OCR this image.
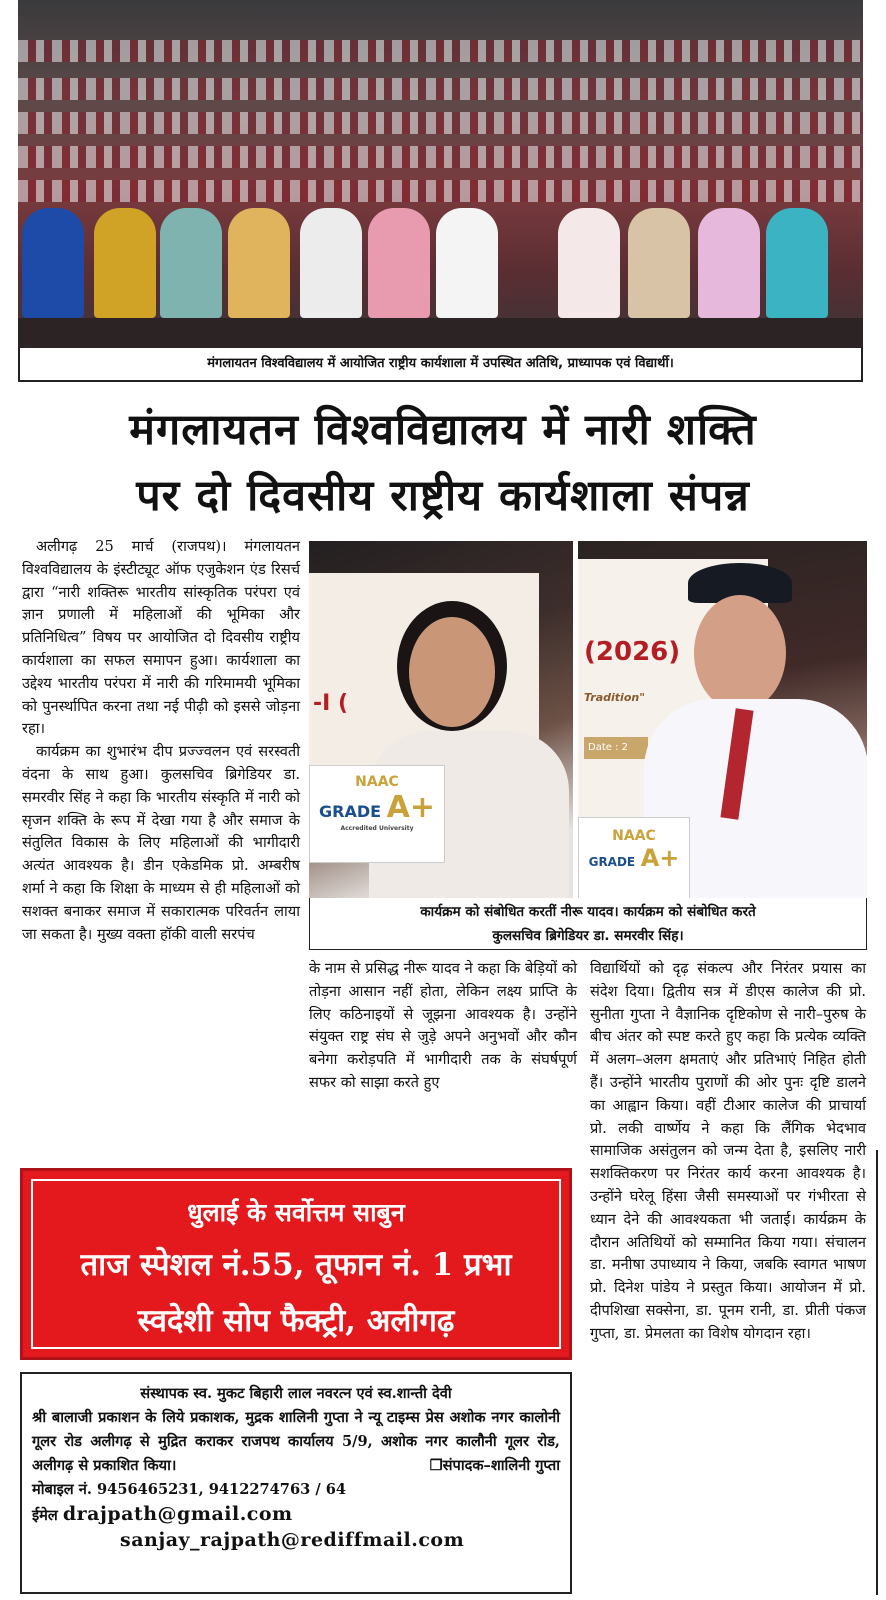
मंगलायतन विश्वविद्यालय में आयोजित राष्ट्रीय कार्यशाला में उपस्थित अतिथि, प्राध्यापक एवं विद्यार्थी।
मंगलायतन विश्वविद्यालय में नारी शक्ति
पर दो दिवसीय राष्ट्रीय कार्यशाला संपन्न

अलीगढ़ 25 मार्च (राजपथ)। मंगलायतन विश्वविद्यालय के इंस्टीट्यूट ऑफ एजुकेशन एंड रिसर्च द्वारा “नारी शक्तिरू भारतीय सांस्कृतिक परंपरा एवं ज्ञान प्रणाली में महिलाओं की भूमिका और प्रतिनिधित्व” विषय पर आयोजित दो दिवसीय राष्ट्रीय कार्यशाला का सफल समापन हुआ। कार्यशाला का उद्देश्य भारतीय परंपरा में नारी की गरिमामयी भूमिका को पुनर्स्थापित करना तथा नई पीढ़ी को इससे जोड़ना रहा।

कार्यक्रम का शुभारंभ दीप प्रज्ज्वलन एवं सरस्वती वंदना के साथ हुआ। कुलसचिव ब्रिगेडियर डा. समरवीर सिंह ने कहा कि भारतीय संस्कृति में नारी को सृजन शक्ति के रूप में देखा गया है और समाज के संतुलित विकास के लिए महिलाओं की भागीदारी अत्यंत आवश्यक है। डीन एकेडमिक प्रो. अम्बरीष शर्मा ने कहा कि शिक्षा के माध्यम से ही महिलाओं को सशक्त बनाकर समाज में सकारात्मक परिवर्तन लाया जा सकता है। मुख्य वक्ता हॉकी वाली सरपंच

-I (
NAAC
GRADE A+
Accredited University
(2026)
Tradition"
Date : 2
NAAC
GRADE A+
कार्यक्रम को संबोधित करतीं नीरू यादव। कार्यक्रम को संबोधित करते
कुलसचिव ब्रिगेडियर डा. समरवीर सिंह।

के नाम से प्रसिद्ध नीरू यादव ने कहा कि बेड़ियों को तोड़ना आसान नहीं होता, लेकिन लक्ष्य प्राप्ति के लिए कठिनाइयों से जूझना आवश्यक है। उन्होंने संयुक्त राष्ट्र संघ से जुड़े अपने अनुभवों और कौन बनेगा करोड़पति में भागीदारी तक के संघर्षपूर्ण सफर को साझा करते हुए

विद्यार्थियों को दृढ़ संकल्प और निरंतर प्रयास का संदेश दिया। द्वितीय सत्र में डीएस कालेज की प्रो. सुनीता गुप्ता ने वैज्ञानिक दृष्टिकोण से नारी–पुरुष के बीच अंतर को स्पष्ट करते हुए कहा कि प्रत्येक व्यक्ति में अलग–अलग क्षमताएं और प्रतिभाएं निहित होती हैं। उन्होंने भारतीय पुराणों की ओर पुनः दृष्टि डालने का आह्वान किया। वहीं टीआर कालेज की प्राचार्या प्रो. लकी वार्ष्णेय ने कहा कि लैंगिक भेदभाव सामाजिक असंतुलन को जन्म देता है, इसलिए नारी सशक्तिकरण पर निरंतर कार्य करना आवश्यक है। उन्होंने घरेलू हिंसा जैसी समस्याओं पर गंभीरता से ध्यान देने की आवश्यकता भी जताई। कार्यक्रम के दौरान अतिथियों को सम्मानित किया गया। संचालन डा. मनीषा उपाध्याय ने किया, जबकि स्वागत भाषण प्रो. दिनेश पांडेय ने प्रस्तुत किया। आयोजन में प्रो. दीपशिखा सक्सेना, डा. पूनम रानी, डा. प्रीती पंकज गुप्ता, डा. प्रेमलता का विशेष योगदान रहा।

धुलाई के सर्वोत्तम साबुन
ताज स्पेशल नं.55, तूफान नं. 1 प्रभा
स्वदेशी सोप फैक्ट्री, अलीगढ़
संस्थापक स्व. मुकट बिहारी लाल नवरत्न एवं स्व.शान्ती देवी
श्री बालाजी प्रकाशन के लिये प्रकाशक, मुद्रक शालिनी गुप्ता ने न्यू टाइम्स प्रेस अशोक नगर कालोनी गूलर रोड अलीगढ़ से मुद्रित कराकर राजपथ कार्यालय 5/9, अशोक नगर कालौनी गूलर रोड, अलीगढ़ से प्रकाशित किया।	❐संपादक–शालिनी गुप्ता
मोबाइल नं. 9456465231, 9412274763 / 64
ईमेल drajpath@gmail.com
sanjay_rajpath@rediffmail.com
